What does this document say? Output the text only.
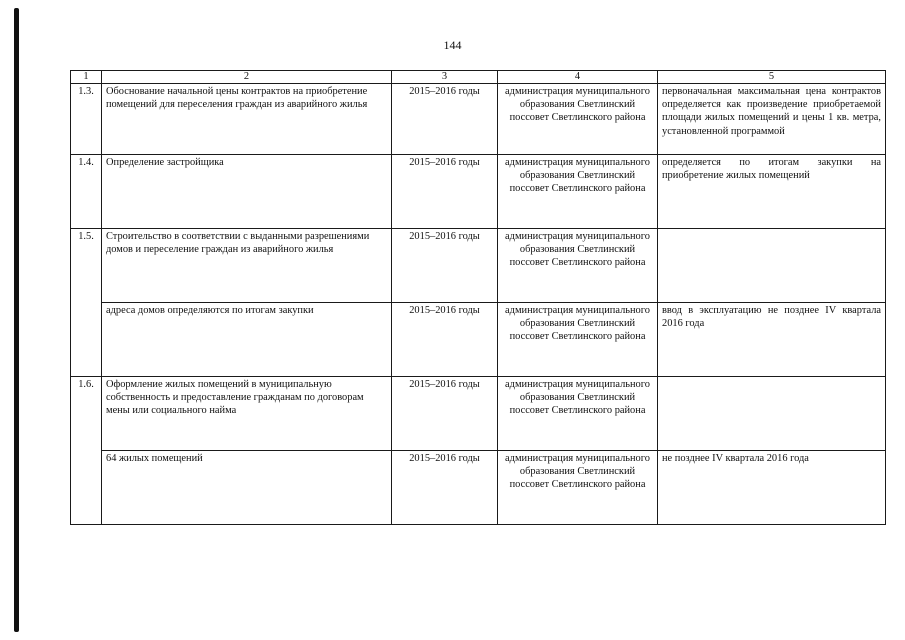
144
1	2	3	4	5
1.3.	Обоснование начальной цены контрактов на приобретение помещений для переселения граждан из аварийного жилья	2015–2016 годы	администрация муниципального образования Светлинский поссовет Светлинского района	первоначальная максимальная цена контрактов определяется как произведение приобретаемой площади жилых помещений и цены 1 кв. метра, установленной программой
1.4.	Определение застройщика	2015–2016 годы	администрация муниципального образования Светлинский поссовет Светлинского района	определяется по итогам закупки на приобретение жилых помещений
1.5.	Строительство в соответствии с выданными разрешениями домов и переселение граждан из аварийного жилья	2015–2016 годы	администрация муниципального образования Светлинский поссовет Светлинского района	
	адреса домов определяются по итогам закупки	2015–2016 годы	администрация муниципального образования Светлинский поссовет Светлинского района	ввод в эксплуатацию не позднее IV квартала 2016 года
1.6.	Оформление жилых помещений в муниципальную собственность и предоставление гражданам по договорам мены или социального найма	2015–2016 годы	администрация муниципального образования Светлинский поссовет Светлинского района	
	64 жилых помещений	2015–2016 годы	администрация муниципального образования Светлинский поссовет Светлинского района	не позднее IV квартала 2016 года
